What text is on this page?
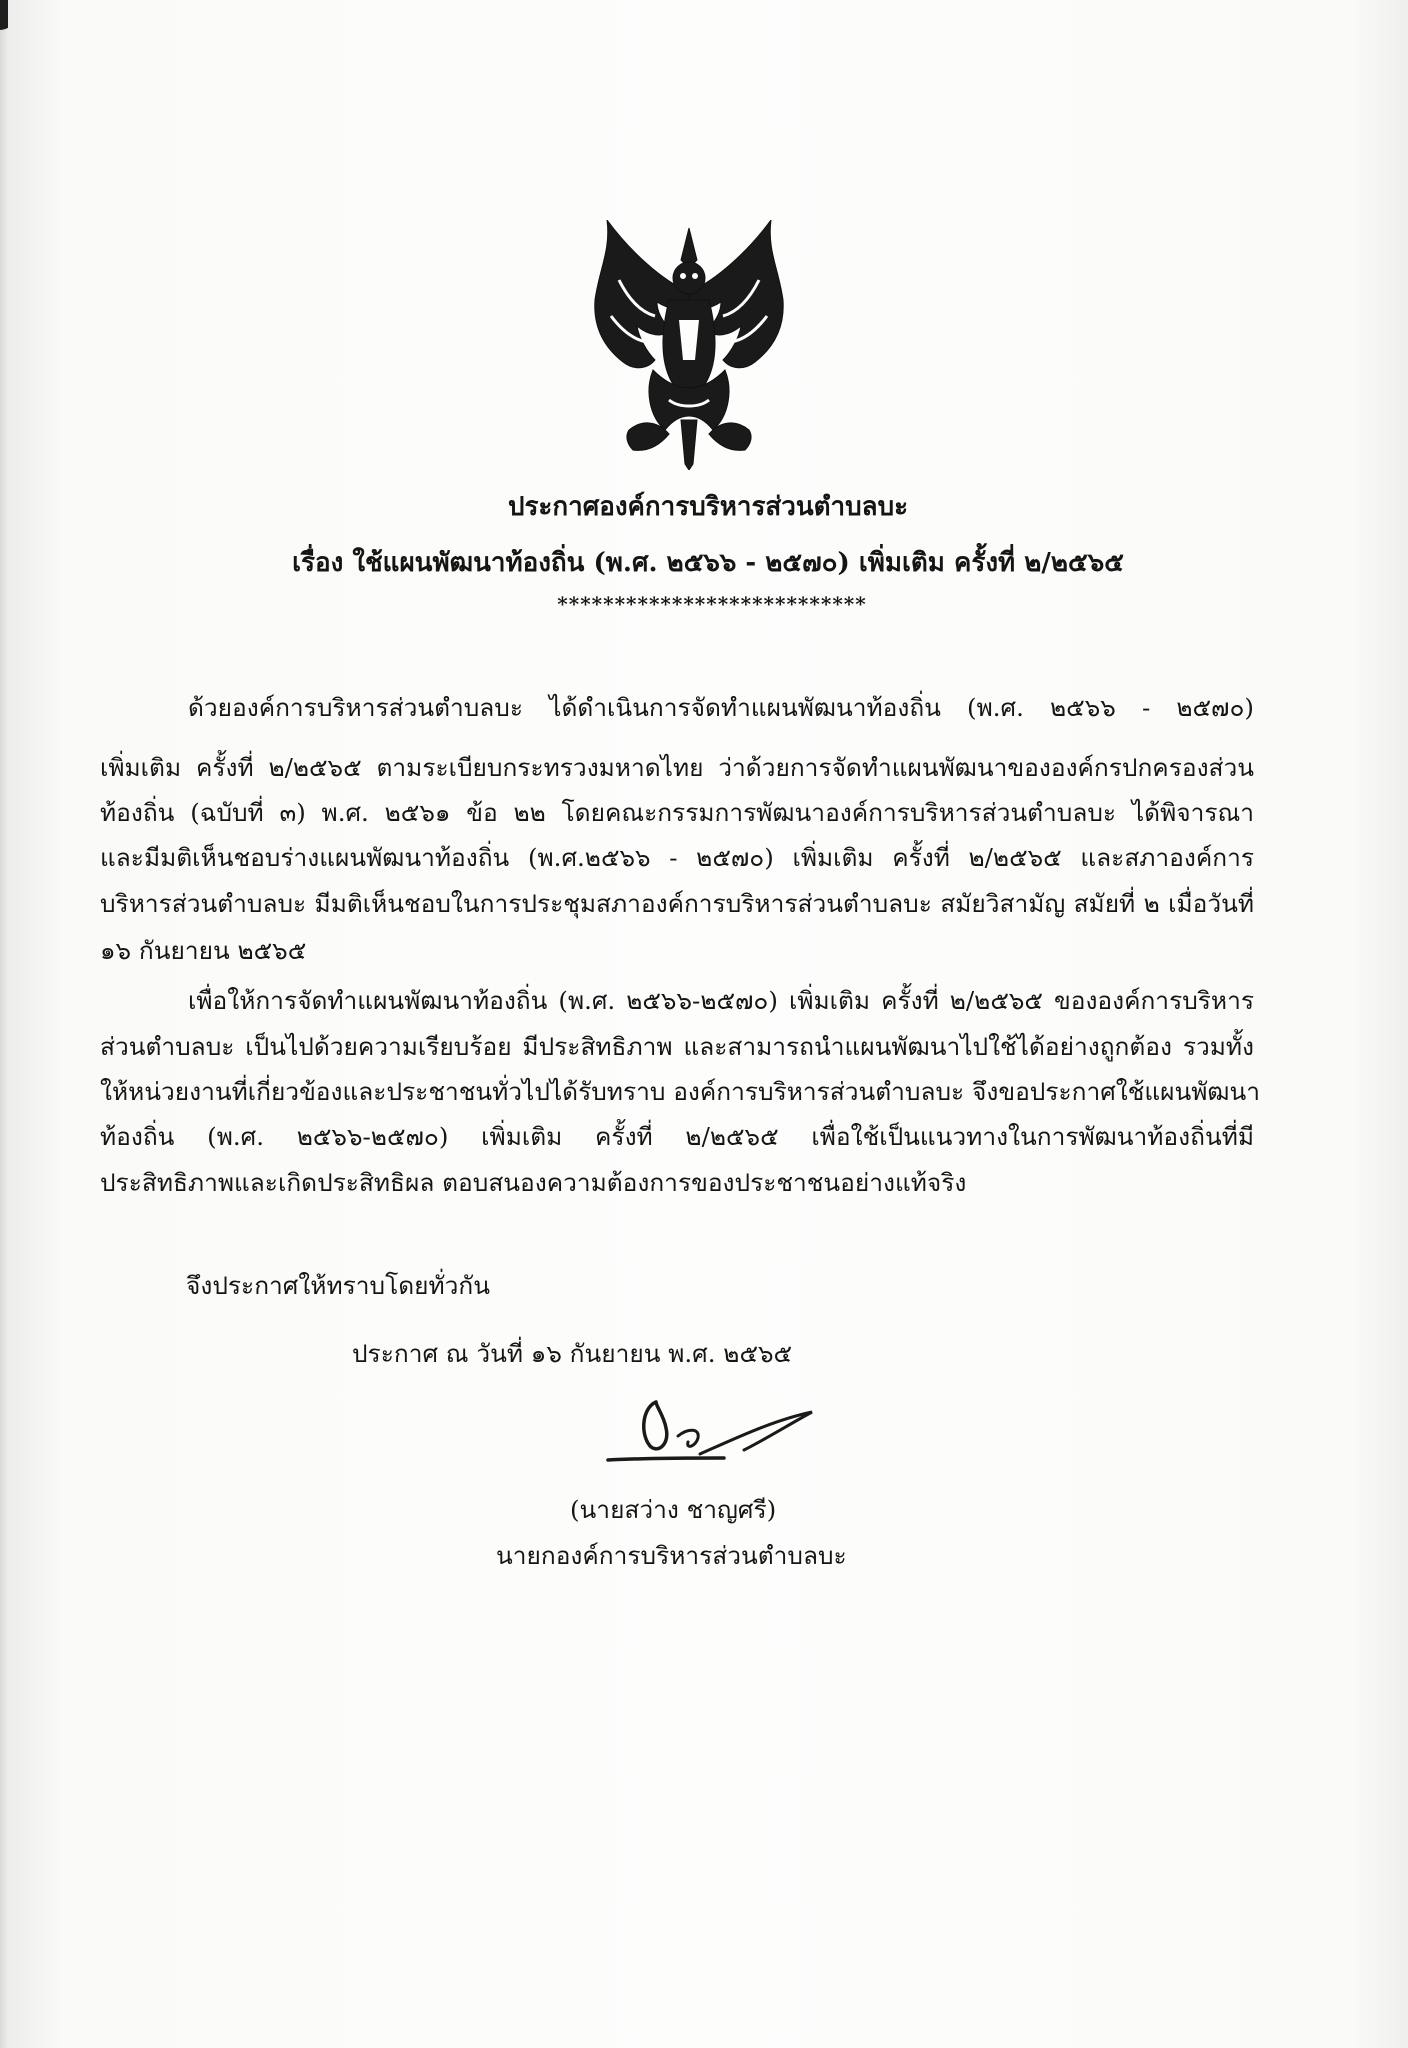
ประกาศองค์การบริหารส่วนตำบลบะ
เรื่อง ใช้แผนพัฒนาท้องถิ่น (พ.ศ. ๒๕๖๖ - ๒๕๗๐) เพิ่มเติม ครั้งที่ ๒/๒๕๖๕
***************************
ด้วยองค์การบริหารส่วนตำบลบะ ได้ดำเนินการจัดทำแผนพัฒนาท้องถิ่น (พ.ศ. ๒๕๖๖ - ๒๕๗๐)
เพิ่มเติม ครั้งที่ ๒/๒๕๖๕ ตามระเบียบกระทรวงมหาดไทย ว่าด้วยการจัดทำแผนพัฒนาขององค์กรปกครองส่วน
ท้องถิ่น (ฉบับที่ ๓) พ.ศ. ๒๕๖๑ ข้อ ๒๒ โดยคณะกรรมการพัฒนาองค์การบริหารส่วนตำบลบะ ได้พิจารณา
และมีมติเห็นชอบร่างแผนพัฒนาท้องถิ่น (พ.ศ.๒๕๖๖ - ๒๕๗๐) เพิ่มเติม ครั้งที่ ๒/๒๕๖๕ และสภาองค์การ
บริหารส่วนตำบลบะ มีมติเห็นชอบในการประชุมสภาองค์การบริหารส่วนตำบลบะ สมัยวิสามัญ สมัยที่ ๒ เมื่อวันที่
๑๖ กันยายน ๒๕๖๕
เพื่อให้การจัดทำแผนพัฒนาท้องถิ่น (พ.ศ. ๒๕๖๖-๒๕๗๐) เพิ่มเติม ครั้งที่ ๒/๒๕๖๕ ขององค์การบริหาร
ส่วนตำบลบะ เป็นไปด้วยความเรียบร้อย มีประสิทธิภาพ และสามารถนำแผนพัฒนาไปใช้ได้อย่างถูกต้อง รวมทั้ง
ให้หน่วยงานที่เกี่ยวข้องและประชาชนทั่วไปได้รับทราบ องค์การบริหารส่วนตำบลบะ จึงขอประกาศใช้แผนพัฒนา
ท้องถิ่น (พ.ศ. ๒๕๖๖-๒๕๗๐) เพิ่มเติม ครั้งที่ ๒/๒๕๖๕ เพื่อใช้เป็นแนวทางในการพัฒนาท้องถิ่นที่มี
ประสิทธิภาพและเกิดประสิทธิผล ตอบสนองความต้องการของประชาชนอย่างแท้จริง
จึงประกาศให้ทราบโดยทั่วกัน
ประกาศ ณ วันที่ ๑๖ กันยายน พ.ศ. ๒๕๖๕
(นายสว่าง ชาญศรี)
นายกองค์การบริหารส่วนตำบลบะ
